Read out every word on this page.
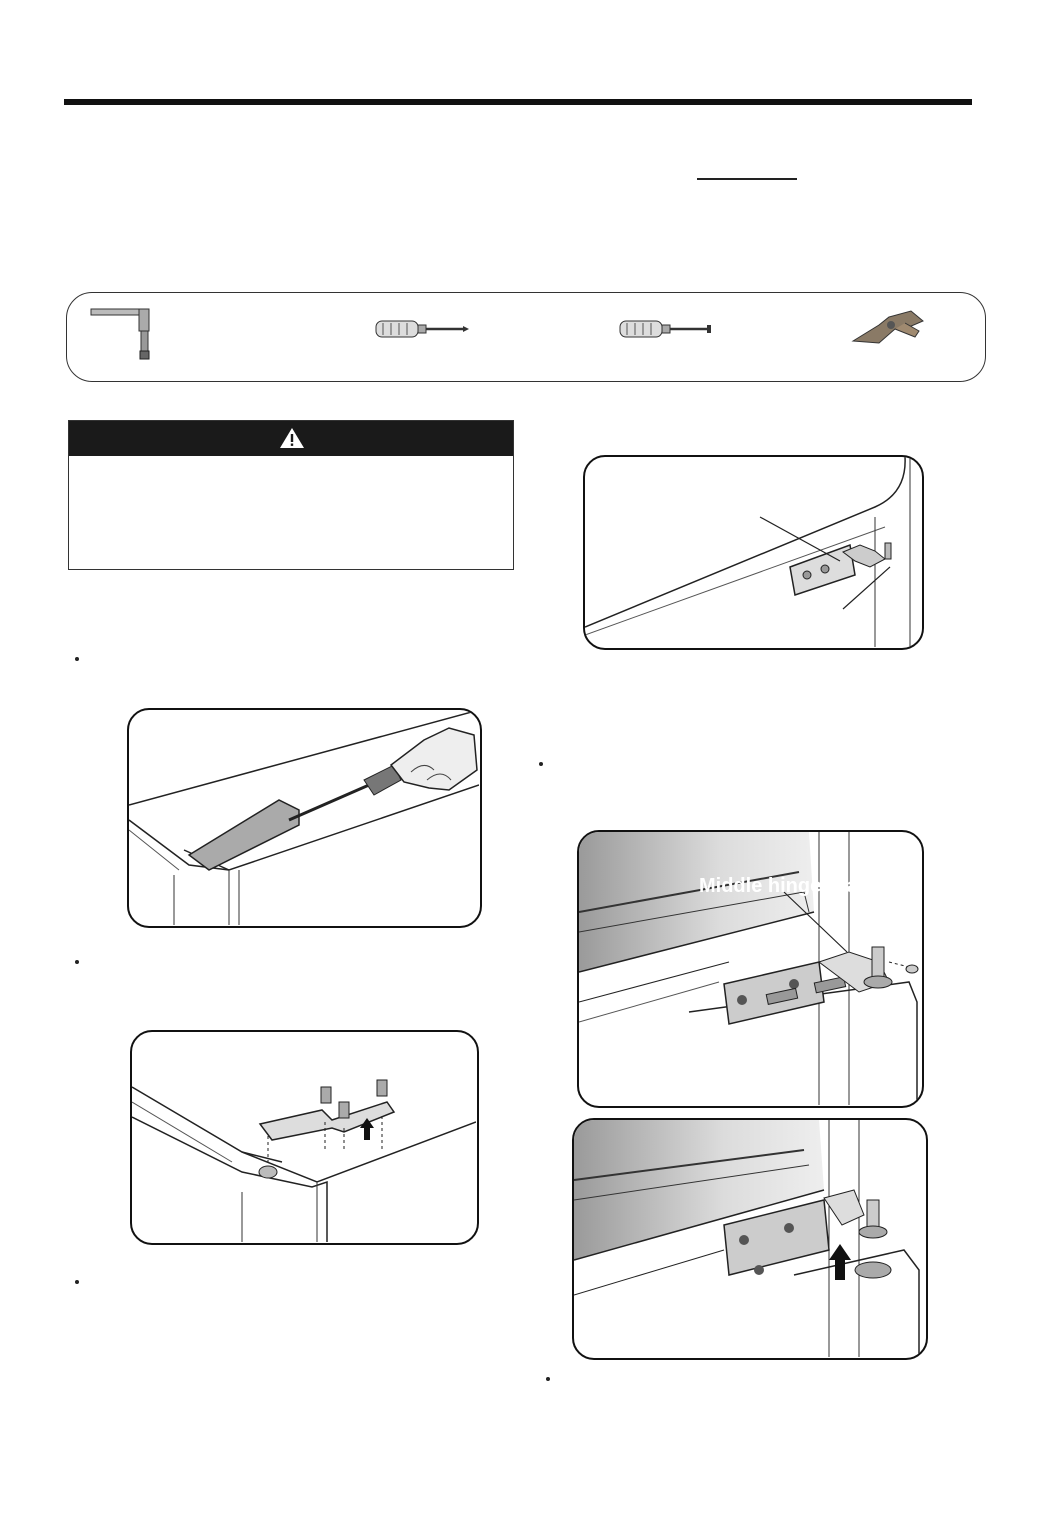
Middle hinge bracket
